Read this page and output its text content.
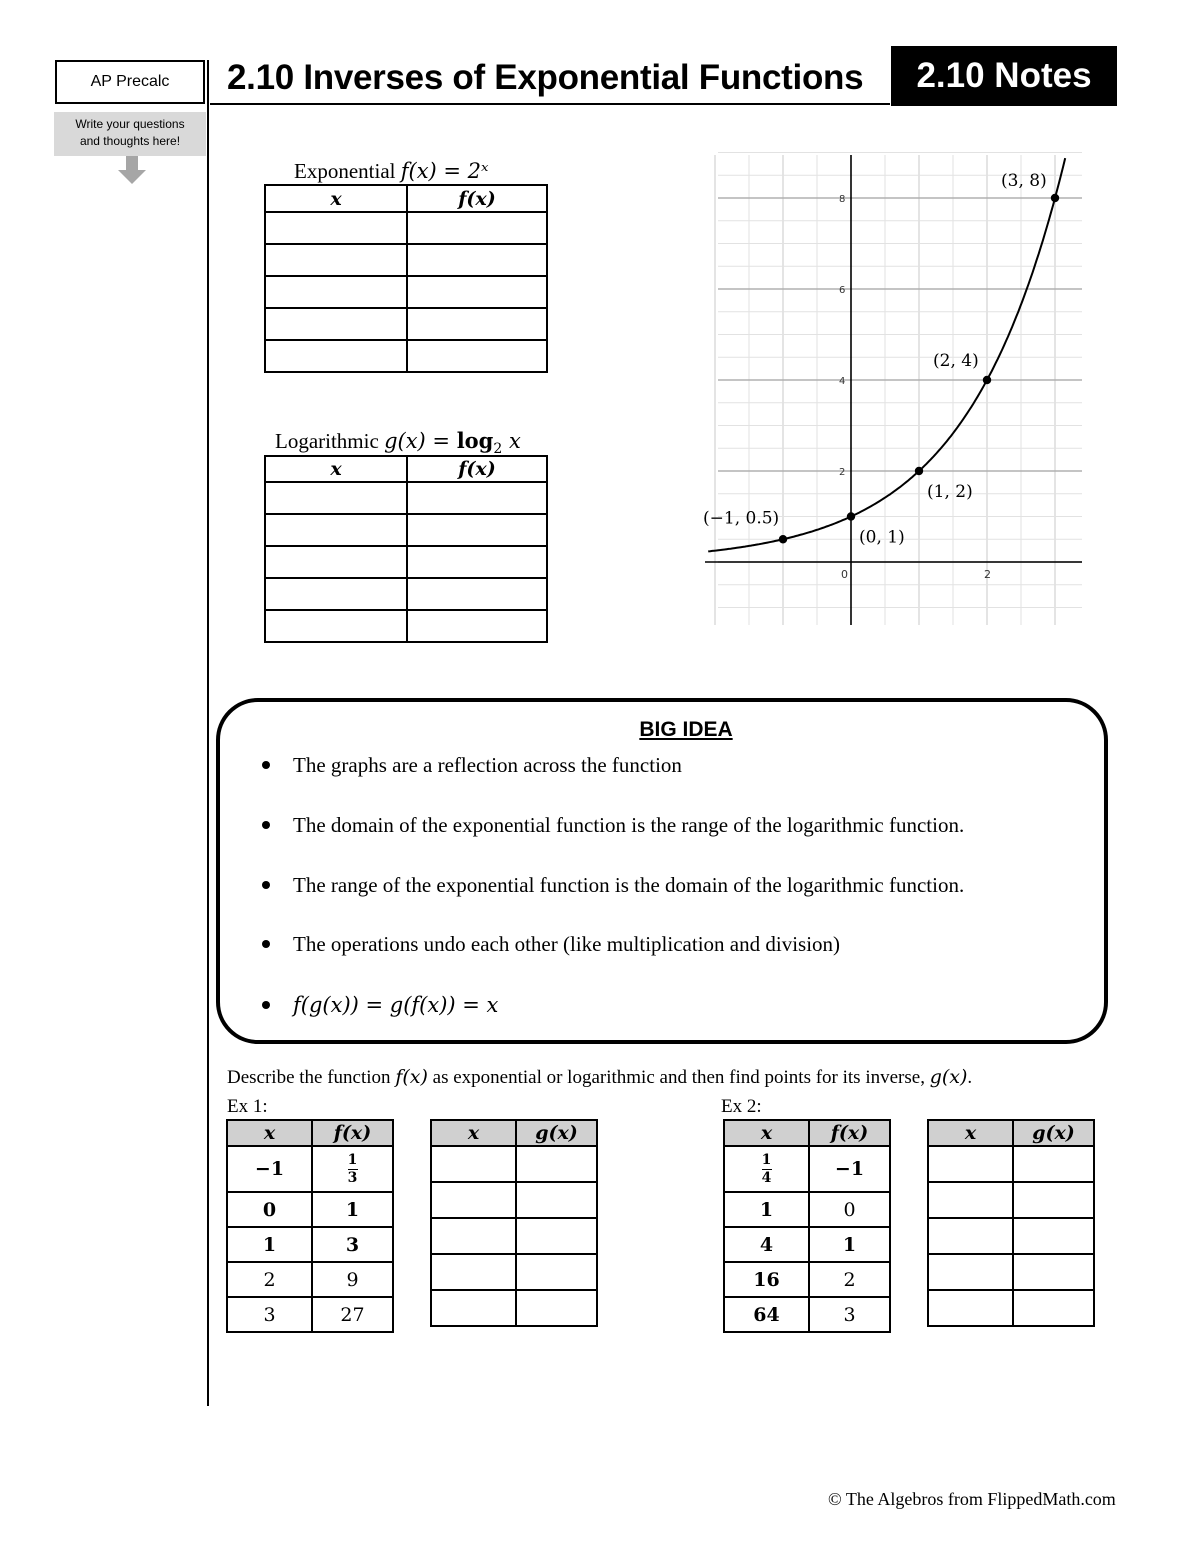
AP Precalc
Write your questions
and thoughts here!
2.10 Inverses of Exponential Functions	2.10 Notes
Exponential f(x) = 2ˣ
x	f(x)

Logarithmic $g(x) = \log_2 x$
x	f(x)

(−1, 0.5)
(0, 1)
(1, 2)
(2, 4)
(3, 8)
8
6
4
2
0	2
BIG IDEA
The graphs are a reflection across the function
The domain of the exponential function is the range of the logarithmic function.
The range of the exponential function is the domain of the logarithmic function.
The operations undo each other (like multiplication and division)
f(g(x)) = g(f(x)) = x
Describe the function f(x) as exponential or logarithmic and then find points for its inverse, g(x).
Ex 1:	Ex 2:
x	f(x)
−1	$\frac{1}{3}$

0	1
1	3
2	9
3	27
x	g(x)

		x	f(x)

$\frac{1}{4}$	−1
1	0
4	1
16	2
64	3
x	g(x)

© The Algebros from FlippedMath.com
